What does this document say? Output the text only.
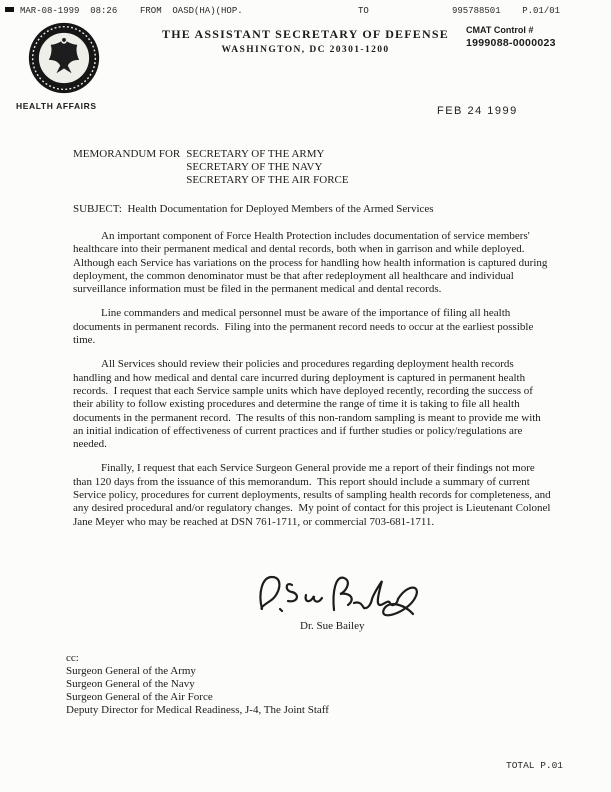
MAR-08-1999  08:26	FROM  OASD(HA)(HOP.	TO	995788501    P.01/01
THE ASSISTANT SECRETARY OF DEFENSE
WASHINGTON, DC 20301-1200
CMAT Control #
1999088-0000023
HEALTH AFFAIRS	FEB 24 1999
MEMORANDUM FOR SECRETARY OF THE ARMY
SECRETARY OF THE NAVY
SECRETARY OF THE AIR FORCE
SUBJECT:  Health Documentation for Deployed Members of the Armed Services

An important component of Force Health Protection includes documentation of service members' healthcare into their permanent medical and dental records, both when in garrison and while deployed.  Although each Service has variations on the process for handling how health information is captured during deployment, the common denominator must be that after redeployment all healthcare and individual surveillance information must be filed in the permanent medical and dental records.

Line commanders and medical personnel must be aware of the importance of filing all health documents in permanent records.  Filing into the permanent record needs to occur at the earliest possible time.

All Services should review their policies and procedures regarding deployment health records handling and how medical and dental care incurred during deployment is captured in permanent health records.  I request that each Service sample units which have deployed recently, recording the success of their ability to follow existing procedures and determine the range of time it is taking to file all health documents in the permanent record.  The results of this non-random sampling is meant to provide me with an initial indication of effectiveness of current practices and if further studies or policy/regulations are needed.

Finally, I request that each Service Surgeon General provide me a report of their findings not more than 120 days from the issuance of this memorandum.  This report should include a summary of current Service policy, procedures for current deployments, results of sampling health records for completeness, and any desired procedural and/or regulatory changes.  My point of contact for this project is Lieutenant Colonel Jane Meyer who may be reached at DSN 761-1711, or commercial 703-681-1711.

Dr. Sue Bailey
cc:
Surgeon General of the Army
Surgeon General of the Navy
Surgeon General of the Air Force
Deputy Director for Medical Readiness, J-4, The Joint Staff
TOTAL P.01
